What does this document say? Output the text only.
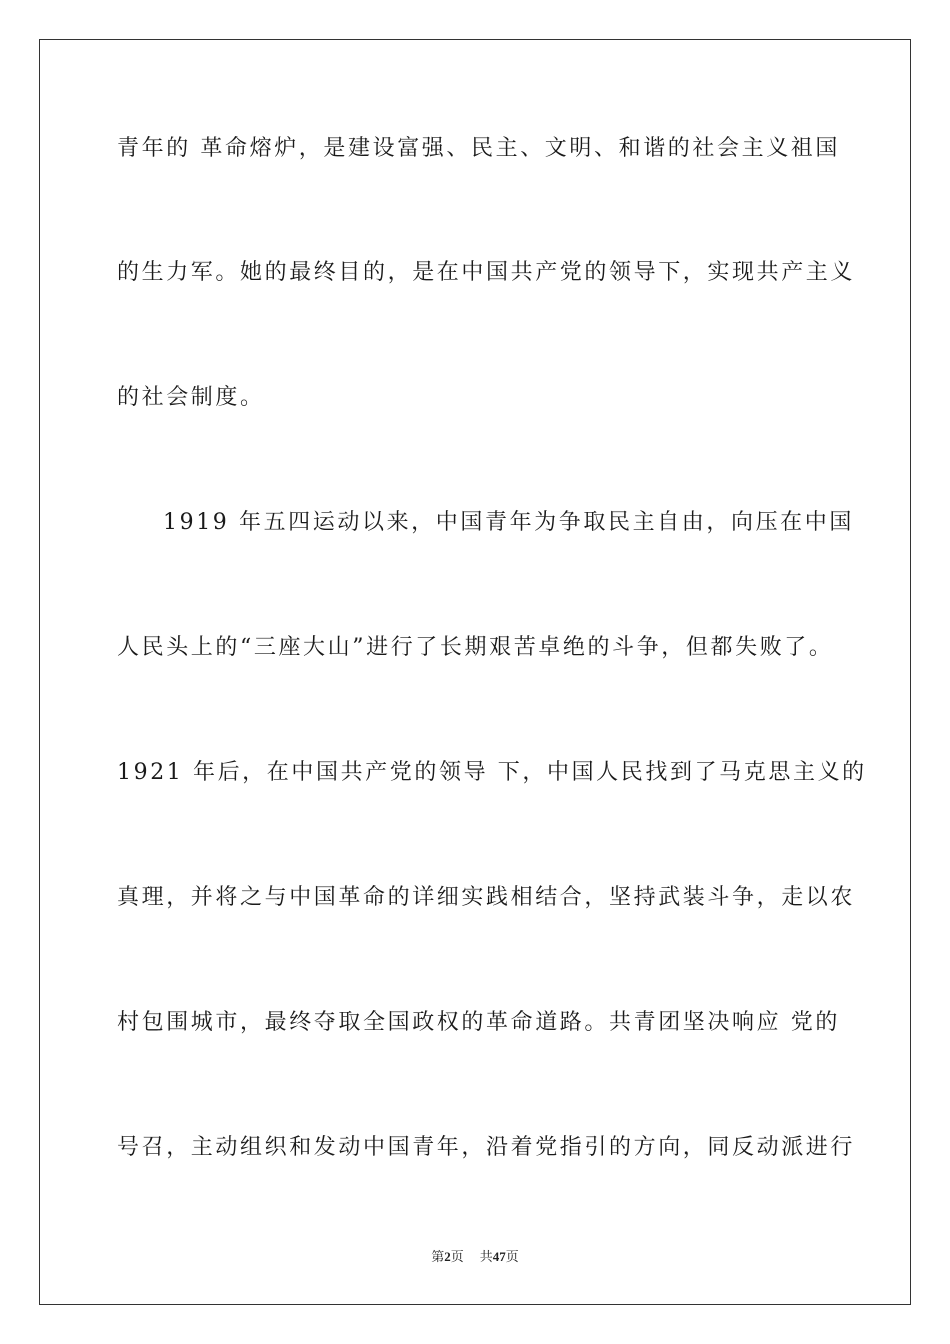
青年的 革命熔炉，是建设富强、民主、文明、和谐的社会主义祖国
的生力军。她的最终目的，是在中国共产党的领导下，实现共产主义
的社会制度。
1919 年五四运动以来，中国青年为争取民主自由，向压在中国
人民头上的“三座大山”进行了长期艰苦卓绝的斗争，但都失败了。
1921 年后，在中国共产党的领导 下，中国人民找到了马克思主义的
真理，并将之与中国革命的详细实践相结合，坚持武装斗争，走以农
村包围城市，最终夺取全国政权的革命道路。共青团坚决响应 党的
号召，主动组织和发动中国青年，沿着党指引的方向，同反动派进行
第2页 共47页
